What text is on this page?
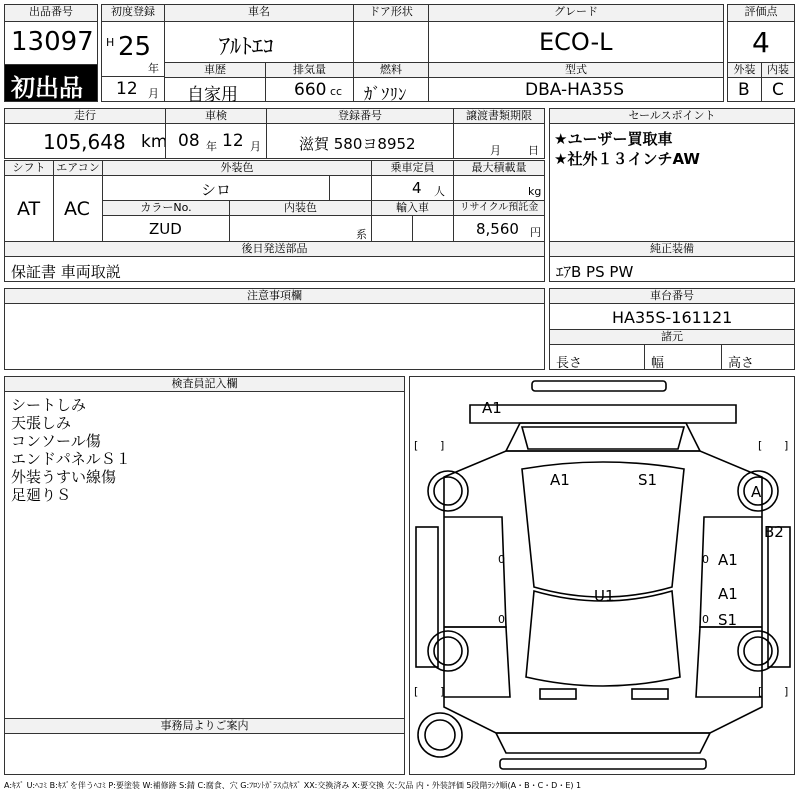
出品番号
13097
初出品
初度登録
H 25
年
12 月
車名
ｱﾙﾄｴｺ
ドア形状	グレード
ECO-L
車歴
自家用
排気量
660 cc
燃料
ｶﾞｿﾘﾝ
型式
DBA-HA35S
評価点
4
外装	内装
B C
走行
105,648 km
車検
08 年 12 月
登録番号
滋賀 580ヨ8952
譲渡書類期限
月 日
セールスポイント
★ユーザー買取車
★社外１３インチAW
シフト
AT
エアコン
AC
外装色
シロ
乗車定員
4 人
最大積載量
kg
カラーNo.
ZUD
内装色
系
輸入車	リサイクル預託金
8,560 円
後日発送部品
保証書 車両取説
純正装備
ｴｱB PS PW
注意事項欄	車台番号
HA35S-161121
諸元
長さ	幅	高さ
検査員記入欄
シートしみ
天張しみ
コンソール傷
エンドパネルＳ１
外装うすい線傷
足廻りＳ
事務局よりご案内
A1
A1	S1
A
B2
A1
A1
S1
U1
[ ]	[ ]
[ ]	[ ]
0
0
0
0
A:ｷｽﾞ U:ﾍｺﾐ B:ｷｽﾞを伴うﾍｺﾐ P:要塗装 W:補修跡 S:錆 C:腐食、穴 G:ﾌﾛﾝﾄｶﾞﾗｽ点ｷｽﾞ XX:交換済み X:要交換 欠:欠品 内・外装評価 5段階ﾗﾝｸ順(A・B・C・D・E) 1
